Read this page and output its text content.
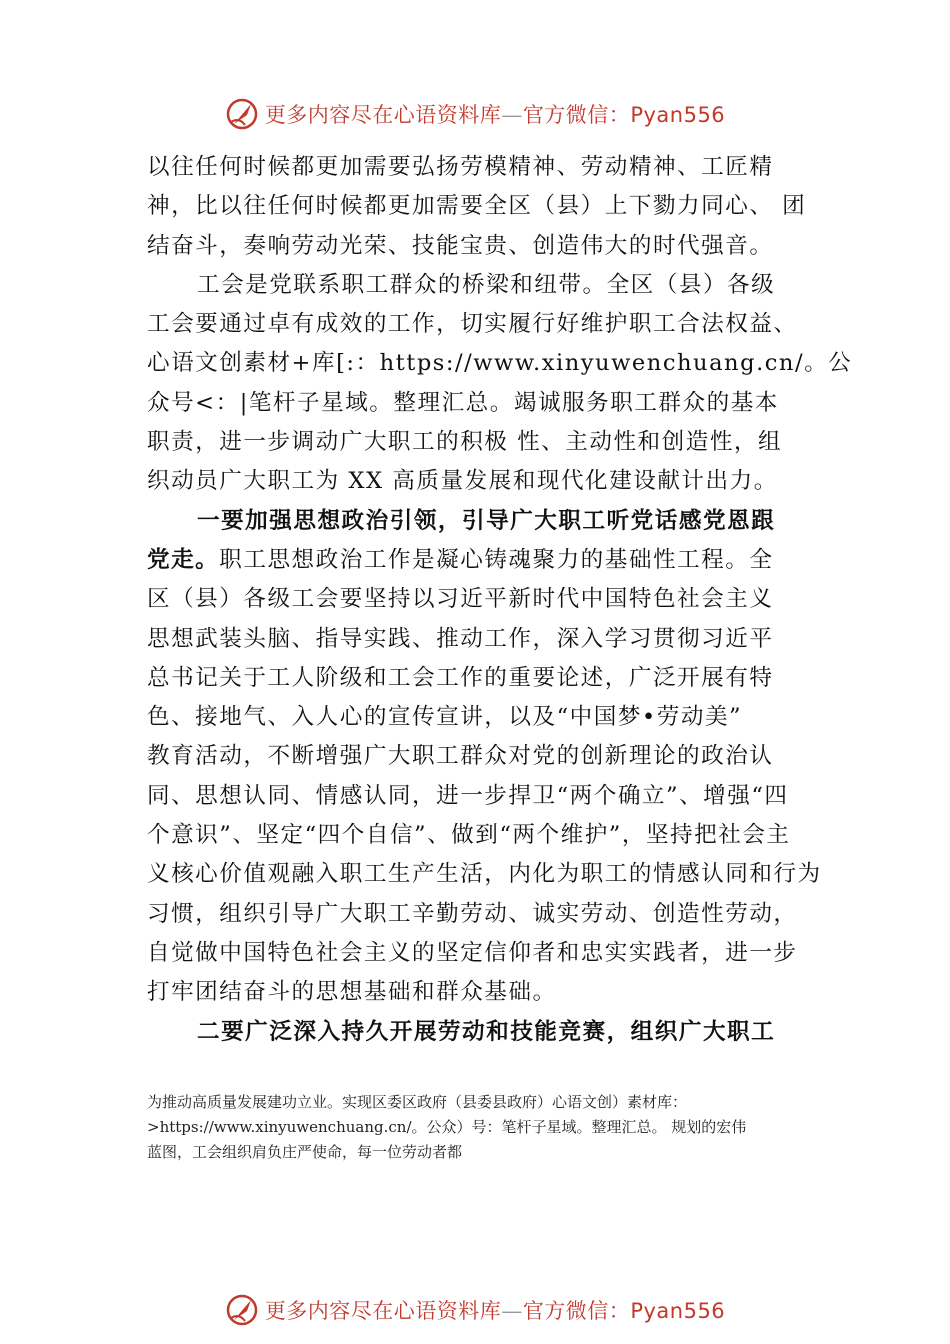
更多内容尽在心语资料库—官方微信：Pyan556
以往任何时候都更加需要弘扬劳模精神、劳动精神、工匠精
神，比以往任何时候都更加需要全区（县）上下勠力同心、 团
结奋斗，奏响劳动光荣、技能宝贵、创造伟大的时代强音。
工会是党联系职工群众的桥梁和纽带。全区（县）各级
工会要通过卓有成效的工作，切实履行好维护职工合法权益、
心语文创素材+库[:：https://www.xinyuwenchuang.cn/。公
众号<：|笔杆子星域。整理汇总。竭诚服务职工群众的基本
职责，进一步调动广大职工的积极 性、主动性和创造性，组
织动员广大职工为 XX 高质量发展和现代化建设献计出力。
一要加强思想政治引领，引导广大职工听党话感党恩跟
党走。职工思想政治工作是凝心铸魂聚力的基础性工程。全
区（县）各级工会要坚持以习近平新时代中国特色社会主义
思想武装头脑、指导实践、推动工作，深入学习贯彻习近平
总书记关于工人阶级和工会工作的重要论述，广泛开展有特
色、接地气、入人心的宣传宣讲，以及“中国梦•劳动美”
教育活动，不断增强广大职工群众对党的创新理论的政治认
同、思想认同、情感认同，进一步捍卫“两个确立”、增强“四
个意识”、坚定“四个自信”、做到“两个维护”，坚持把社会主
义核心价值观融入职工生产生活，内化为职工的情感认同和行为
习惯，组织引导广大职工辛勤劳动、诚实劳动、创造性劳动，
自觉做中国特色社会主义的坚定信仰者和忠实实践者，进一步
打牢团结奋斗的思想基础和群众基础。
二要广泛深入持久开展劳动和技能竞赛，组织广大职工
为推动高质量发展建功立业。实现区委区政府（县委县政府）心语文创）素材库：
>https://www.xinyuwenchuang.cn/。公众）号：笔杆子星域。整理汇总。 规划的宏伟
蓝图，工会组织肩负庄严使命，每一位劳动者都
更多内容尽在心语资料库—官方微信：Pyan556
